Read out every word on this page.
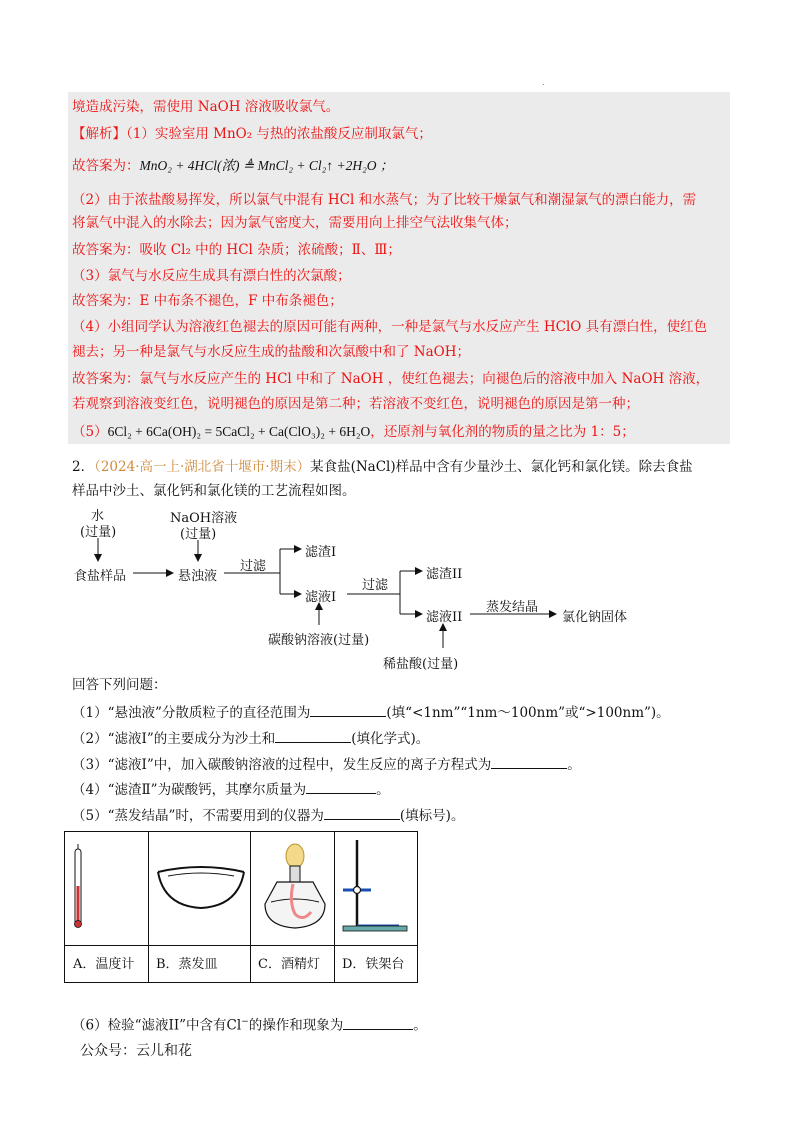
.
境造成污染，需使用 NaOH 溶液吸收氯气。
【解析】（1）实验室用 MnO₂ 与热的浓盐酸反应制取氯气；
故答案为：MnO₂ + 4HCl(浓) ≜ MnCl₂ + Cl₂↑ +2H₂O ；
（2）由于浓盐酸易挥发，所以氯气中混有 HCl 和水蒸气；为了比较干燥氯气和潮湿氯气的漂白能力，需
将氯气中混入的水除去；因为氯气密度大，需要用向上排空气法收集气体；
故答案为：吸收 Cl₂ 中的 HCl 杂质；浓硫酸；Ⅱ、Ⅲ；
（3）氯气与水反应生成具有漂白性的次氯酸；
故答案为：E 中布条不褪色，F 中布条褪色；
（4）小组同学认为溶液红色褪去的原因可能有两种，一种是氯气与水反应产生 HClO 具有漂白性，使红色
褪去；另一种是氯气与水反应生成的盐酸和次氯酸中和了 NaOH；
故答案为：氯气与水反应产生的 HCl 中和了 NaOH ，使红色褪去；向褪色后的溶液中加入 NaOH 溶液，
若观察到溶液变红色，说明褪色的原因是第二种；若溶液不变红色，说明褪色的原因是第一种；
（5）6Cl₂ + 6Ca(OH)₂ = 5CaCl₂ + Ca(ClO₃)₂ + 6H₂O，还原剂与氧化剂的物质的量之比为 1：5；
2．（2024·高一上·湖北省十堰市·期末）某食盐(NaCl)样品中含有少量沙土、氯化钙和氯化镁。除去食盐
样品中沙土、氯化钙和氯化镁的工艺流程如图。
水
(过量)
NaOH溶液
(过量)
食盐样品	悬浊液
过滤
滤渣I
滤液I
碳酸钠溶液(过量)
过滤
滤渣II
滤液II
稀盐酸(过量)
蒸发结晶
氯化钠固体
回答下列问题：
（1）“悬浊液”分散质粒子的直径范围为	(填“<1nm”“1nm～100nm”或“>100nm”)。
（2）“滤液I”的主要成分为沙土和	(填化学式)。
（3）“滤液I”中，加入碳酸钠溶液的过程中，发生反应的离子方程式为	。
（4）“滤渣Ⅱ”为碳酸钙，其摩尔质量为	。
（5）“蒸发结晶”时，不需要用到的仪器为	(填标号)。
A．温度计 B．蒸发皿	C．酒精灯 D．铁架台
（6）检验“滤液II”中含有Cl−的操作和现象为	。
公众号：云儿和花
